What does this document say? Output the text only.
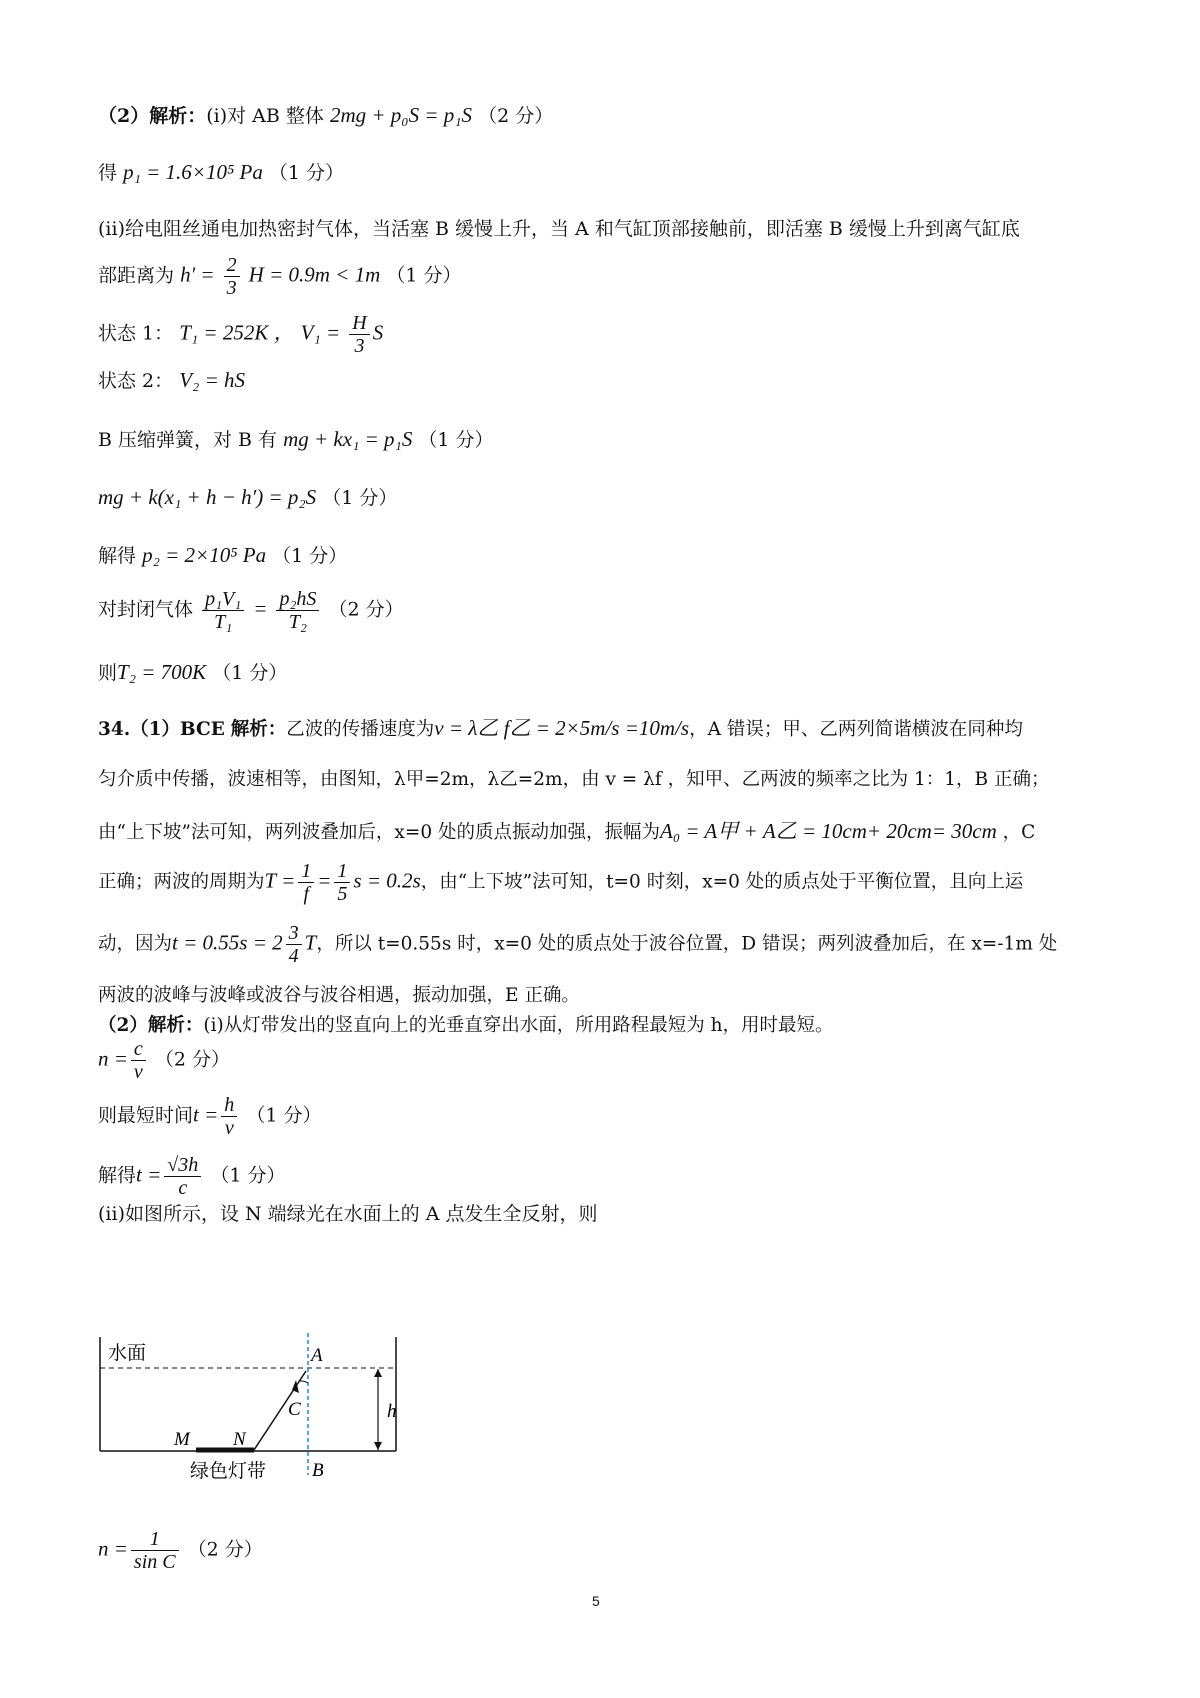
（2）解析：(i)对 AB 整体 2mg + p₀S = p₁S （2 分）
得 p₁ = 1.6×10⁵ Pa （1 分）
(ii)给电阻丝通电加热密封气体，当活塞 B 缓慢上升，当 A 和气缸顶部接触前，即活塞 B 缓慢上升到离气缸底
部距离为 $h' = \frac{2}{3}$ H = 0.9m < 1m （1 分）
状态 1： T₁ = 252K ， $V_1 = \frac{H}{3}$ S
状态 2： V₂ = hS
B 压缩弹簧，对 B 有 mg + kx₁ = p₁S （1 分）
mg + k(x₁ + h − h′) = p₂S （1 分）
解得 p₂ = 2×10⁵ Pa （1 分）
对封闭气体 $\frac{\text{p₁V₁}}{\text{T₁}} = \frac{\text{p₂hS}}{\text{T₂}} (2$ 分）
则T₂ = 700K （1 分）
34.（1）BCE 解析：乙波的传播速度为v = λ乙 f乙 = 2×5m/s =10m/s，A 错误；甲、乙两列简谐横波在同种均
匀介质中传播，波速相等，由图知，λ甲=2m，λ乙=2m，由 v = λf ，知甲、乙两波的频率之比为 1：1，B 正确；
由“上下坡”法可知，两列波叠加后，x=0 处的质点振动加强，振幅为A₀ = A甲 + A乙 = 10cm+ 20cm= 30cm ，C
正确；两波的周期为$T = \frac{1}{f} = \frac{1}{5}$ s = 0.2s，由“上下坡”法可知，t=0 时刻，x=0 处的质点处于平衡位置，且向上运
动，因为$t = 0.55s = 2 \frac{3}{4}$ T，所以 t=0.55s 时，x=0 处的质点处于波谷位置，D 错误；两列波叠加后，在 x=-1m 处
两波的波峰与波峰或波谷与波谷相遇，振动加强，E 正确。
（2）解析：(i)从灯带发出的竖直向上的光垂直穿出水面，所用路程最短为 h，用时最短。
$n = \frac{c}{v} (2$ 分）
则最短时间$t = \frac{h}{v} (1$ 分）
解得$t = \frac{√3h}{c} (1$ 分）
(ii)如图所示，设 N 端绿光在水面上的 A 点发生全反射，则
水面	A
C
M N
h
B
绿色灯带
$n = \frac{1}{\text{sin C}} (2$ 分）
5
